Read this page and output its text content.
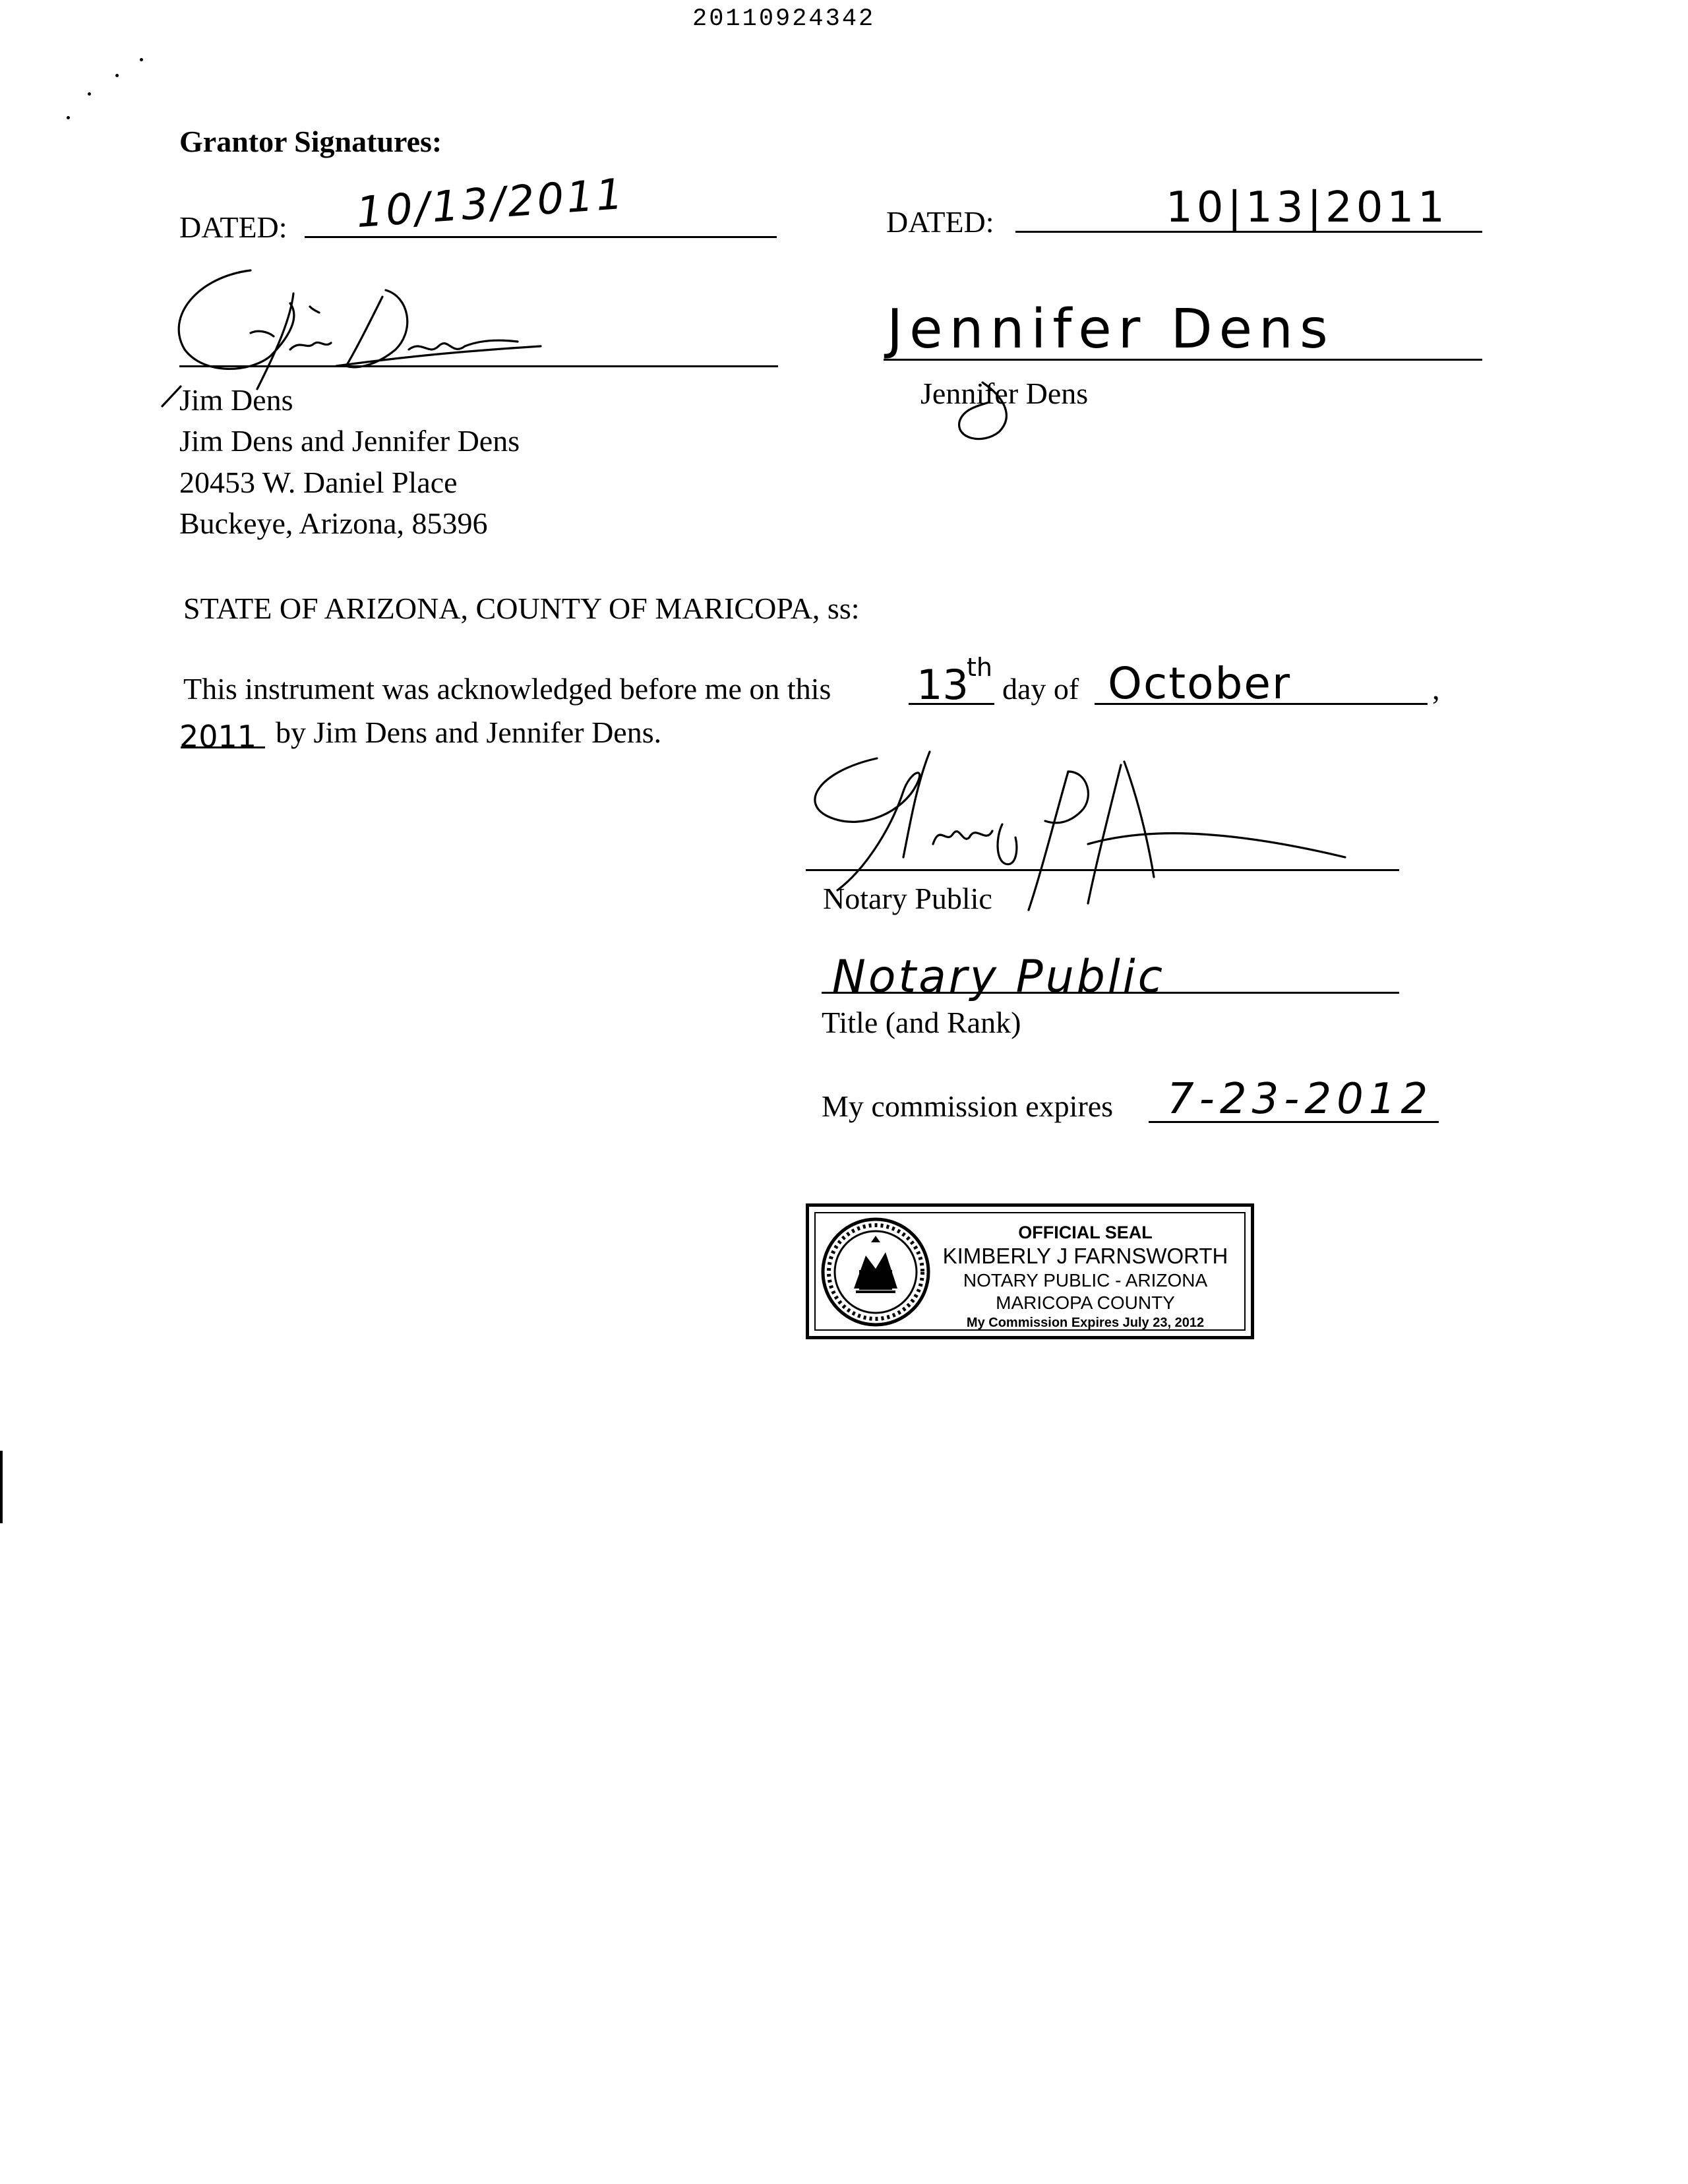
20110924342
Grantor Signatures:
DATED: 10/13/2011	DATED:	10|13|2011
Jim Dens
Jim Dens and Jennifer Dens
20453 W. Daniel Place
Buckeye, Arizona, 85396
Jennifer Dens
Jennifer Dens
STATE OF ARIZONA, COUNTY OF MARICOPA, ss:
This instrument was acknowledged before me on this 13
th
day of October	,
2011 by Jim Dens and Jennifer Dens.
Notary Public
Notary Public
Title (and Rank)
My commission expires 7-23-2012
OFFICIAL SEAL
KIMBERLY J FARNSWORTH
NOTARY PUBLIC - ARIZONA
MARICOPA COUNTY
My Commission Expires July 23, 2012
